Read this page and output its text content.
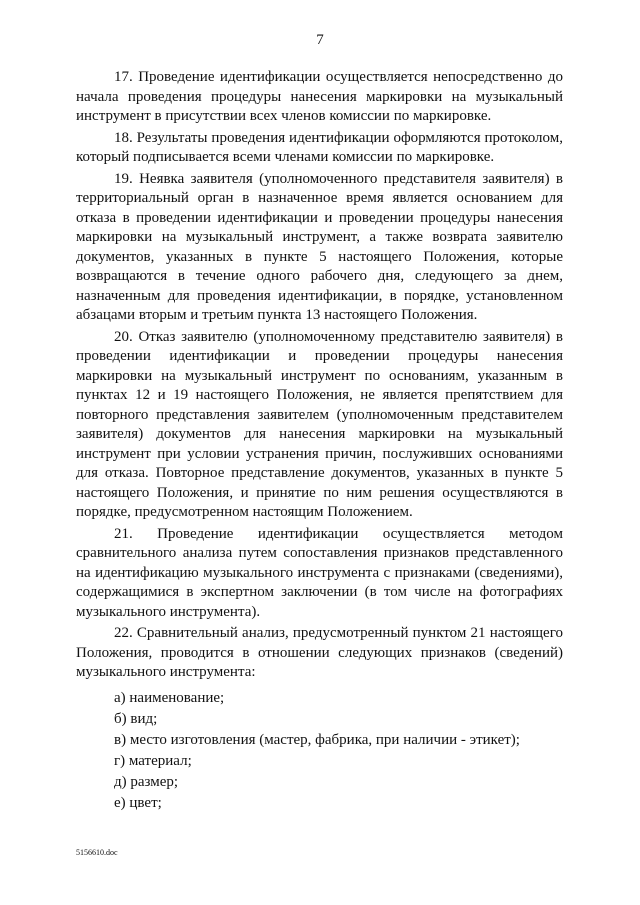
7

17. Проведение идентификации осуществляется непосредственно до начала проведения процедуры нанесения маркировки на музыкальный инструмент в присутствии всех членов комиссии по маркировке.

18. Результаты проведения идентификации оформляются протоколом, который подписывается всеми членами комиссии по маркировке.

19. Неявка заявителя (уполномоченного представителя заявителя) в территориальный орган в назначенное время является основанием для отказа в проведении идентификации и проведении процедуры нанесения маркировки на музыкальный инструмент, а также возврата заявителю документов, указанных в пункте 5 настоящего Положения, которые возвращаются в течение одного рабочего дня, следующего за днем, назначенным для проведения идентификации, в порядке, установленном абзацами вторым и третьим пункта 13 настоящего Положения.

20. Отказ заявителю (уполномоченному представителю заявителя) в проведении идентификации и проведении процедуры нанесения маркировки на музыкальный инструмент по основаниям, указанным в пунктах 12 и 19 настоящего Положения, не является препятствием для повторного представления заявителем (уполномоченным представителем заявителя) документов для нанесения маркировки на музыкальный инструмент при условии устранения причин, послуживших основаниями для отказа. Повторное представление документов, указанных в пункте 5 настоящего Положения, и принятие по ним решения осуществляются в порядке, предусмотренном настоящим Положением.

21. Проведение идентификации осуществляется методом сравнительного анализа путем сопоставления признаков представленного на идентификацию музыкального инструмента с признаками (сведениями), содержащимися в экспертном заключении (в том числе на фотографиях музыкального инструмента).

22. Сравнительный анализ, предусмотренный пунктом 21 настоящего Положения, проводится в отношении следующих признаков (сведений) музыкального инструмента:

а) наименование;

б) вид;

в) место изготовления (мастер, фабрика, при наличии - этикет);

г) материал;

д) размер;

е) цвет;

5156610.doc
